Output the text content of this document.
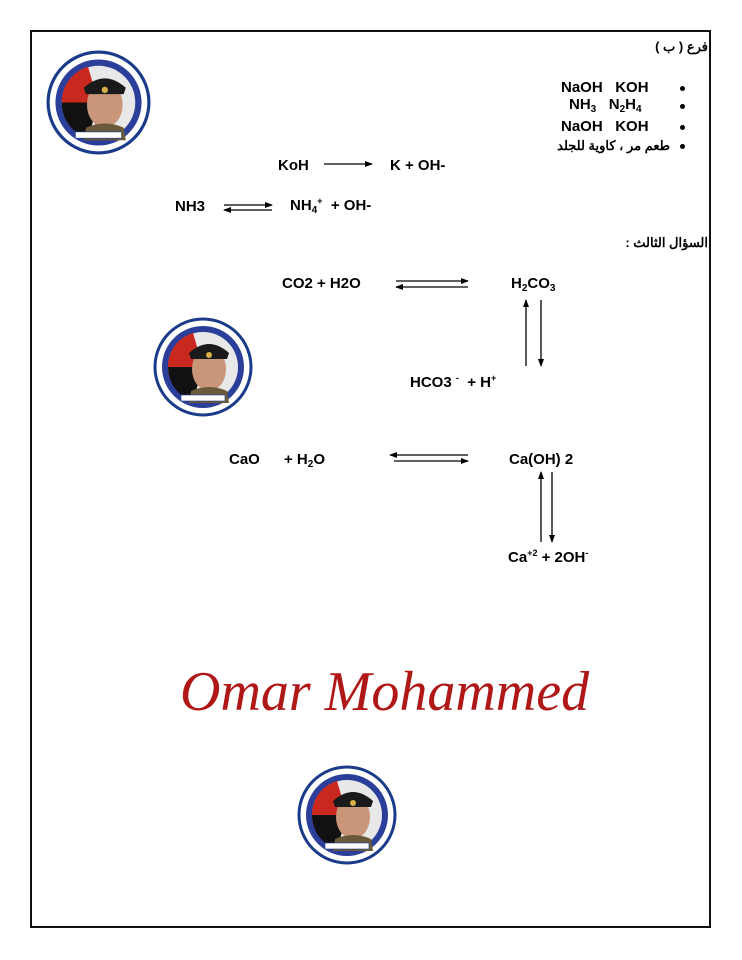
فرع ( ب )
NaOH KOH
$NH_3$ $N_2H_4$
NaOH KOH
طعم مر ، كاوية للجلد
KoH	K + OH-
NH3	$NH_4^+ + OH-$
السؤال الثالث :
CO2 + H2O	$H_2CO_3$
HCO3 - + H+
CaO + $H_2O$	Ca(OH) 2
$Ca^{+2} + 2OH^-$
Omar Mohammed
